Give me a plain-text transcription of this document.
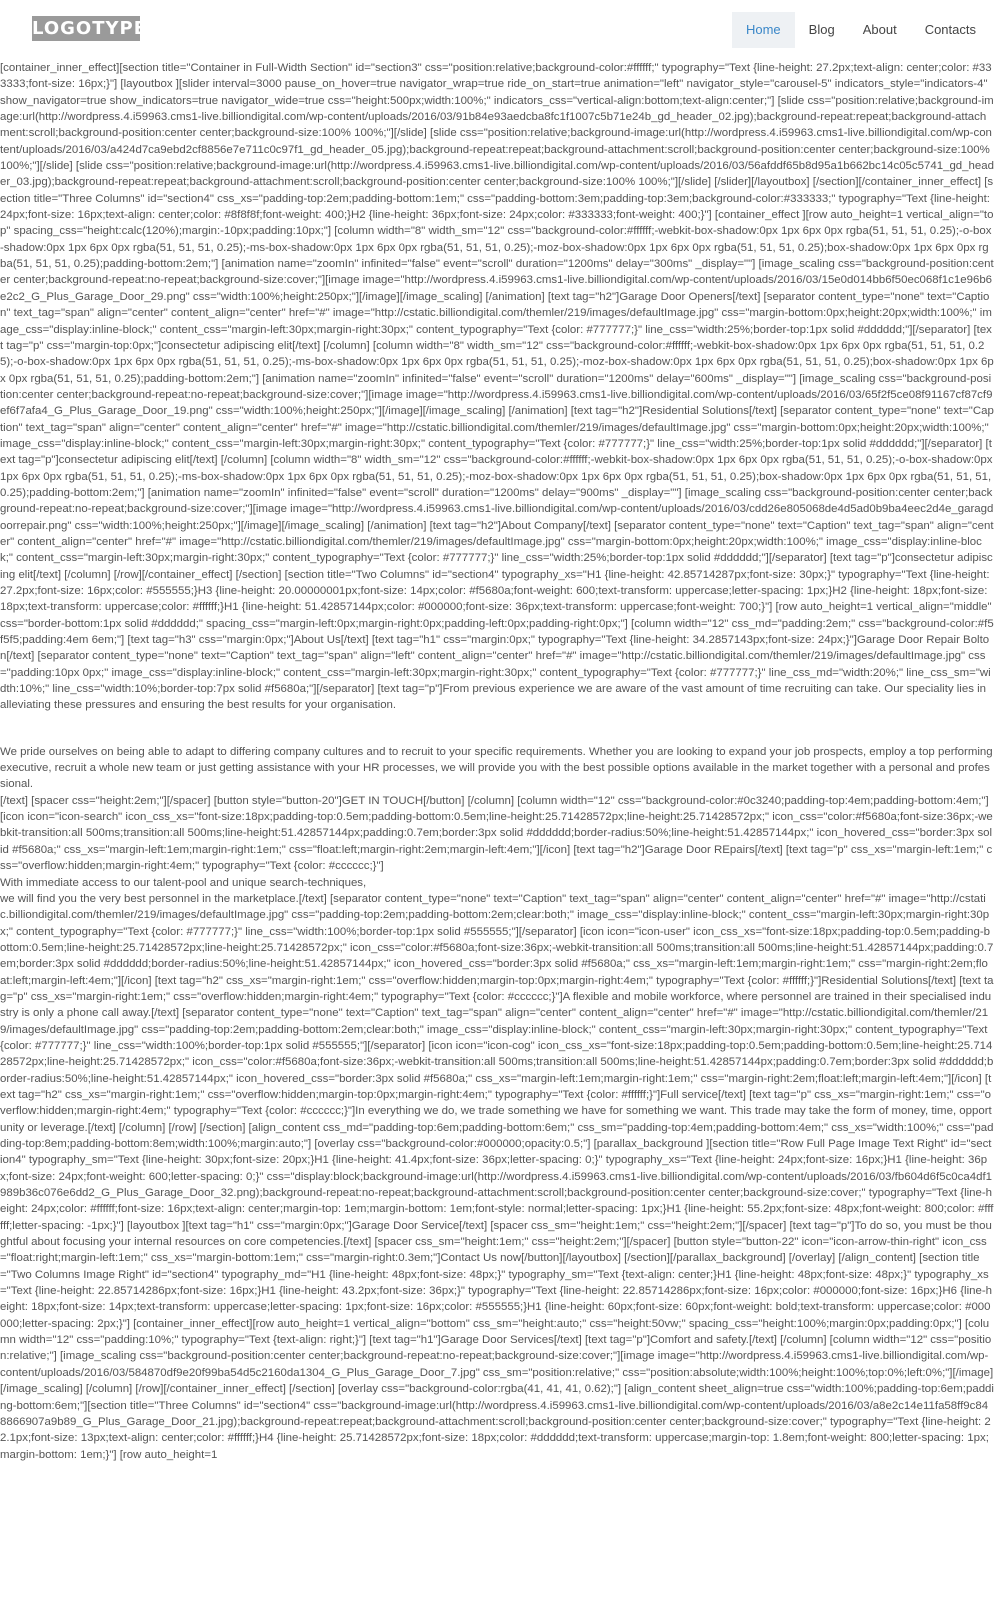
LOGOTYPE	Home	Blog	About	Contacts

[container_inner_effect][section title="Container in Full-Width Section" id="section3" css="position:relative;background-color:#ffffff;" typography="Text {line-height: 27.2px;text-align: center;color: #333333;font-size: 16px;}"] [layoutbox ][slider interval=3000 pause_on_hover=true navigator_wrap=true ride_on_start=true animation="left" navigator_style="carousel-5" indicators_style="indicators-4" show_navigator=true show_indicators=true navigator_wide=true css="height:500px;width:100%;" indicators_css="vertical-align:bottom;text-align:center;"] [slide css="position:relative;background-image:url(http://wordpress.4.i59963.cms1-live.billiondigital.com/wp-content/uploads/2016/03/91b84e93aedcba8fc1f1007c5b71e24b_gd_header_02.jpg);background-repeat:repeat;background-attachment:scroll;background-position:center center;background-size:100% 100%;"][/slide] [slide css="position:relative;background-image:url(http://wordpress.4.i59963.cms1-live.billiondigital.com/wp-content/uploads/2016/03/a424d7ca9ebd2cf8856e7e711c0c97f1_gd_header_05.jpg);background-repeat:repeat;background-attachment:scroll;background-position:center center;background-size:100% 100%;"][/slide] [slide css="position:relative;background-image:url(http://wordpress.4.i59963.cms1-live.billiondigital.com/wp-content/uploads/2016/03/56afddf65b8d95a1b662bc14c05c5741_gd_header_03.jpg);background-repeat:repeat;background-attachment:scroll;background-position:center center;background-size:100% 100%;"][/slide] [/slider][/layoutbox] [/section][/container_inner_effect] [section title="Three Columns" id="section4" css_xs="padding-top:2em;padding-bottom:1em;" css="padding-bottom:3em;padding-top:3em;background-color:#333333;" typography="Text {line-height: 24px;font-size: 16px;text-align: center;color: #8f8f8f;font-weight: 400;}H2 {line-height: 36px;font-size: 24px;color: #333333;font-weight: 400;}"] [container_effect ][row auto_height=1 vertical_align="top" spacing_css="height:calc(120%);margin:-10px;padding:10px;"] [column width="8" width_sm="12" css="background-color:#ffffff;-webkit-box-shadow:0px 1px 6px 0px rgba(51, 51, 51, 0.25);-o-box-shadow:0px 1px 6px 0px rgba(51, 51, 51, 0.25);-ms-box-shadow:0px 1px 6px 0px rgba(51, 51, 51, 0.25);-moz-box-shadow:0px 1px 6px 0px rgba(51, 51, 51, 0.25);box-shadow:0px 1px 6px 0px rgba(51, 51, 51, 0.25);padding-bottom:2em;"] [animation name="zoomIn" infinited="false" event="scroll" duration="1200ms" delay="300ms" _display=""] [image_scaling css="background-position:center center;background-repeat:no-repeat;background-size:cover;"][image image="http://wordpress.4.i59963.cms1-live.billiondigital.com/wp-content/uploads/2016/03/15e0d014bb6f50ec068f1c1e96b6e2c2_G_Plus_Garage_Door_29.png" css="width:100%;height:250px;"][/image][/image_scaling] [/animation] [text tag="h2"]Garage Door Openers[/text] [separator content_type="none" text="Caption" text_tag="span" align="center" content_align="center" href="#" image="http://cstatic.billiondigital.com/themler/219/images/defaultImage.jpg" css="margin-bottom:0px;height:20px;width:100%;" image_css="display:inline-block;" content_css="margin-left:30px;margin-right:30px;" content_typography="Text {color: #777777;}" line_css="width:25%;border-top:1px solid #dddddd;"][/separator] [text tag="p" css="margin-top:0px;"]consectetur adipiscing elit[/text] [/column] [column width="8" width_sm="12" css="background-color:#ffffff;-webkit-box-shadow:0px 1px 6px 0px rgba(51, 51, 51, 0.25);-o-box-shadow:0px 1px 6px 0px rgba(51, 51, 51, 0.25);-ms-box-shadow:0px 1px 6px 0px rgba(51, 51, 51, 0.25);-moz-box-shadow:0px 1px 6px 0px rgba(51, 51, 51, 0.25);box-shadow:0px 1px 6px 0px rgba(51, 51, 51, 0.25);padding-bottom:2em;"] [animation name="zoomIn" infinited="false" event="scroll" duration="1200ms" delay="600ms" _display=""] [image_scaling css="background-position:center center;background-repeat:no-repeat;background-size:cover;"][image image="http://wordpress.4.i59963.cms1-live.billiondigital.com/wp-content/uploads/2016/03/65f2f5ce08f91167cf87cf9ef6f7afa4_G_Plus_Garage_Door_19.png" css="width:100%;height:250px;"][/image][/image_scaling] [/animation] [text tag="h2"]Residential Solutions[/text] [separator content_type="none" text="Caption" text_tag="span" align="center" content_align="center" href="#" image="http://cstatic.billiondigital.com/themler/219/images/defaultImage.jpg" css="margin-bottom:0px;height:20px;width:100%;" image_css="display:inline-block;" content_css="margin-left:30px;margin-right:30px;" content_typography="Text {color: #777777;}" line_css="width:25%;border-top:1px solid #dddddd;"][/separator] [text tag="p"]consectetur adipiscing elit[/text] [/column] [column width="8" width_sm="12" css="background-color:#ffffff;-webkit-box-shadow:0px 1px 6px 0px rgba(51, 51, 51, 0.25);-o-box-shadow:0px 1px 6px 0px rgba(51, 51, 51, 0.25);-ms-box-shadow:0px 1px 6px 0px rgba(51, 51, 51, 0.25);-moz-box-shadow:0px 1px 6px 0px rgba(51, 51, 51, 0.25);box-shadow:0px 1px 6px 0px rgba(51, 51, 51, 0.25);padding-bottom:2em;"] [animation name="zoomIn" infinited="false" event="scroll" duration="1200ms" delay="900ms" _display=""] [image_scaling css="background-position:center center;background-repeat:no-repeat;background-size:cover;"][image image="http://wordpress.4.i59963.cms1-live.billiondigital.com/wp-content/uploads/2016/03/cdd26e805068de4d5ad0b9ba4eec2d4e_garagdoorrepair.png" css="width:100%;height:250px;"][/image][/image_scaling] [/animation] [text tag="h2"]About Company[/text] [separator content_type="none" text="Caption" text_tag="span" align="center" content_align="center" href="#" image="http://cstatic.billiondigital.com/themler/219/images/defaultImage.jpg" css="margin-bottom:0px;height:20px;width:100%;" image_css="display:inline-block;" content_css="margin-left:30px;margin-right:30px;" content_typography="Text {color: #777777;}" line_css="width:25%;border-top:1px solid #dddddd;"][/separator] [text tag="p"]consectetur adipiscing elit[/text] [/column] [/row][/container_effect] [/section] [section title="Two Columns" id="section4" typography_xs="H1 {line-height: 42.85714287px;font-size: 30px;}" typography="Text {line-height: 27.2px;font-size: 16px;color: #555555;}H3 {line-height: 20.00000001px;font-size: 14px;color: #f5680a;font-weight: 600;text-transform: uppercase;letter-spacing: 1px;}H2 {line-height: 18px;font-size: 18px;text-transform: uppercase;color: #ffffff;}H1 {line-height: 51.42857144px;color: #000000;font-size: 36px;text-transform: uppercase;font-weight: 700;}"] [row auto_height=1 vertical_align="middle" css="border-bottom:1px solid #dddddd;" spacing_css="margin-left:0px;margin-right:0px;padding-left:0px;padding-right:0px;"] [column width="12" css_md="padding:2em;" css="background-color:#f5f5f5;padding:4em 6em;"] [text tag="h3" css="margin:0px;"]About Us[/text] [text tag="h1" css="margin:0px;" typography="Text {line-height: 34.2857143px;font-size: 24px;}"]Garage Door Repair Bolton[/text] [separator content_type="none" text="Caption" text_tag="span" align="left" content_align="center" href="#" image="http://cstatic.billiondigital.com/themler/219/images/defaultImage.jpg" css="padding:10px 0px;" image_css="display:inline-block;" content_css="margin-left:30px;margin-right:30px;" content_typography="Text {color: #777777;}" line_css_md="width:20%;" line_css_sm="width:10%;" line_css="width:10%;border-top:7px solid #f5680a;"][/separator] [text tag="p"]From previous experience we are aware of the vast amount of time recruiting can take. Our speciality lies in alleviating these pressures and ensuring the best results for your organisation.

We pride ourselves on being able to adapt to differing company cultures and to recruit to your specific requirements. Whether you are looking to expand your job prospects, employ a top performing executive, recruit a whole new team or just getting assistance with your HR processes, we will provide you with the best possible options available in the market together with a personal and professional.

[/text] [spacer css="height:2em;"][/spacer] [button style="button-20"]GET IN TOUCH[/button] [/column] [column width="12" css="background-color:#0c3240;padding-top:4em;padding-bottom:4em;"] [icon icon="icon-search" icon_css_xs="font-size:18px;padding-top:0.5em;padding-bottom:0.5em;line-height:25.71428572px;line-height:25.71428572px;" icon_css="color:#f5680a;font-size:36px;-webkit-transition:all 500ms;transition:all 500ms;line-height:51.42857144px;padding:0.7em;border:3px solid #dddddd;border-radius:50%;line-height:51.42857144px;" icon_hovered_css="border:3px solid #f5680a;" css_xs="margin-left:1em;margin-right:1em;" css="float:left;margin-right:2em;margin-left:4em;"][/icon] [text tag="h2"]Garage Door REpairs[/text] [text tag="p" css_xs="margin-left:1em;" css="overflow:hidden;margin-right:4em;" typography="Text {color: #cccccc;}"]

With immediate access to our talent-pool and unique search-techniques,

we will find you the very best personnel in the marketplace.[/text] [separator content_type="none" text="Caption" text_tag="span" align="center" content_align="center" href="#" image="http://cstatic.billiondigital.com/themler/219/images/defaultImage.jpg" css="padding-top:2em;padding-bottom:2em;clear:both;" image_css="display:inline-block;" content_css="margin-left:30px;margin-right:30px;" content_typography="Text {color: #777777;}" line_css="width:100%;border-top:1px solid #555555;"][/separator] [icon icon="icon-user" icon_css_xs="font-size:18px;padding-top:0.5em;padding-bottom:0.5em;line-height:25.71428572px;line-height:25.71428572px;" icon_css="color:#f5680a;font-size:36px;-webkit-transition:all 500ms;transition:all 500ms;line-height:51.42857144px;padding:0.7em;border:3px solid #dddddd;border-radius:50%;line-height:51.42857144px;" icon_hovered_css="border:3px solid #f5680a;" css_xs="margin-left:1em;margin-right:1em;" css="margin-right:2em;float:left;margin-left:4em;"][/icon] [text tag="h2" css_xs="margin-right:1em;" css="overflow:hidden;margin-top:0px;margin-right:4em;" typography="Text {color: #ffffff;}"]Residential Solutions[/text] [text tag="p" css_xs="margin-right:1em;" css="overflow:hidden;margin-right:4em;" typography="Text {color: #cccccc;}"]A flexible and mobile workforce, where personnel are trained in their specialised industry is only a phone call away.[/text] [separator content_type="none" text="Caption" text_tag="span" align="center" content_align="center" href="#" image="http://cstatic.billiondigital.com/themler/219/images/defaultImage.jpg" css="padding-top:2em;padding-bottom:2em;clear:both;" image_css="display:inline-block;" content_css="margin-left:30px;margin-right:30px;" content_typography="Text {color: #777777;}" line_css="width:100%;border-top:1px solid #555555;"][/separator] [icon icon="icon-cog" icon_css_xs="font-size:18px;padding-top:0.5em;padding-bottom:0.5em;line-height:25.71428572px;line-height:25.71428572px;" icon_css="color:#f5680a;font-size:36px;-webkit-transition:all 500ms;transition:all 500ms;line-height:51.42857144px;padding:0.7em;border:3px solid #dddddd;border-radius:50%;line-height:51.42857144px;" icon_hovered_css="border:3px solid #f5680a;" css_xs="margin-left:1em;margin-right:1em;" css="margin-right:2em;float:left;margin-left:4em;"][/icon] [text tag="h2" css_xs="margin-right:1em;" css="overflow:hidden;margin-top:0px;margin-right:4em;" typography="Text {color: #ffffff;}"]Full service[/text] [text tag="p" css_xs="margin-right:1em;" css="overflow:hidden;margin-right:4em;" typography="Text {color: #cccccc;}"]In everything we do, we trade something we have for something we want. This trade may take the form of money, time, opportunity or leverage.[/text] [/column] [/row] [/section] [align_content css_md="padding-top:6em;padding-bottom:6em;" css_sm="padding-top:4em;padding-bottom:4em;" css_xs="width:100%;" css="padding-top:8em;padding-bottom:8em;width:100%;margin:auto;"] [overlay css="background-color:#000000;opacity:0.5;"] [parallax_background ][section title="Row Full Page Image Text Right" id="section4" typography_sm="Text {line-height: 30px;font-size: 20px;}H1 {line-height: 41.4px;font-size: 36px;letter-spacing: 0;}" typography_xs="Text {line-height: 24px;font-size: 16px;}H1 {line-height: 36px;font-size: 24px;font-weight: 600;letter-spacing: 0;}" css="display:block;background-image:url(http://wordpress.4.i59963.cms1-live.billiondigital.com/wp-content/uploads/2016/03/fb604d6f5c0ca4df1989b36c076e6dd2_G_Plus_Garage_Door_32.png);background-repeat:no-repeat;background-attachment:scroll;background-position:center center;background-size:cover;" typography="Text {line-height: 24px;color: #ffffff;font-size: 16px;text-align: center;margin-top: 1em;margin-bottom: 1em;font-style: normal;letter-spacing: 1px;}H1 {line-height: 55.2px;font-size: 48px;font-weight: 800;color: #ffffff;letter-spacing: -1px;}"] [layoutbox ][text tag="h1" css="margin:0px;"]Garage Door Service[/text] [spacer css_sm="height:1em;" css="height:2em;"][/spacer] [text tag="p"]To do so, you must be thoughtful about focusing your internal resources on core competencies.[/text] [spacer css_sm="height:1em;" css="height:2em;"][/spacer] [button style="button-22" icon="icon-arrow-thin-right" icon_css="float:right;margin-left:1em;" css_xs="margin-bottom:1em;" css="margin-right:0.3em;"]Contact Us now[/button][/layoutbox] [/section][/parallax_background] [/overlay] [/align_content] [section title="Two Columns Image Right" id="section4" typography_md="H1 {line-height: 48px;font-size: 48px;}" typography_sm="Text {text-align: center;}H1 {line-height: 48px;font-size: 48px;}" typography_xs="Text {line-height: 22.85714286px;font-size: 16px;}H1 {line-height: 43.2px;font-size: 36px;}" typography="Text {line-height: 22.85714286px;font-size: 16px;color: #000000;font-size: 16px;}H6 {line-height: 18px;font-size: 14px;text-transform: uppercase;letter-spacing: 1px;font-size: 16px;color: #555555;}H1 {line-height: 60px;font-size: 60px;font-weight: bold;text-transform: uppercase;color: #000000;letter-spacing: 2px;}"] [container_inner_effect][row auto_height=1 vertical_align="bottom" css_sm="height:auto;" css="height:50vw;" spacing_css="height:100%;margin:0px;padding:0px;"] [column width="12" css="padding:10%;" typography="Text {text-align: right;}"] [text tag="h1"]Garage Door Services[/text] [text tag="p"]Comfort and safety.[/text] [/column] [column width="12" css="position:relative;"] [image_scaling css="background-position:center center;background-repeat:no-repeat;background-size:cover;"][image image="http://wordpress.4.i59963.cms1-live.billiondigital.com/wp-content/uploads/2016/03/584870df9e20f99ba54d5c2160da1304_G_Plus_Garage_Door_7.jpg" css_sm="position:relative;" css="position:absolute;width:100%;height:100%;top:0%;left:0%;"][/image][/image_scaling] [/column] [/row][/container_inner_effect] [/section] [overlay css="background-color:rgba(41, 41, 41, 0.62);"] [align_content sheet_align=true css="width:100%;padding-top:6em;padding-bottom:6em;"][section title="Three Columns" id="section4" css="background-image:url(http://wordpress.4.i59963.cms1-live.billiondigital.com/wp-content/uploads/2016/03/a8e2c14e11fa58ff9c848866907a9b89_G_Plus_Garage_Door_21.jpg);background-repeat:repeat;background-attachment:scroll;background-position:center center;background-size:cover;" typography="Text {line-height: 22.1px;font-size: 13px;text-align: center;color: #ffffff;}H4 {line-height: 25.71428572px;font-size: 18px;color: #dddddd;text-transform: uppercase;margin-top: 1.8em;font-weight: 800;letter-spacing: 1px;margin-bottom: 1em;}"] [row auto_height=1
